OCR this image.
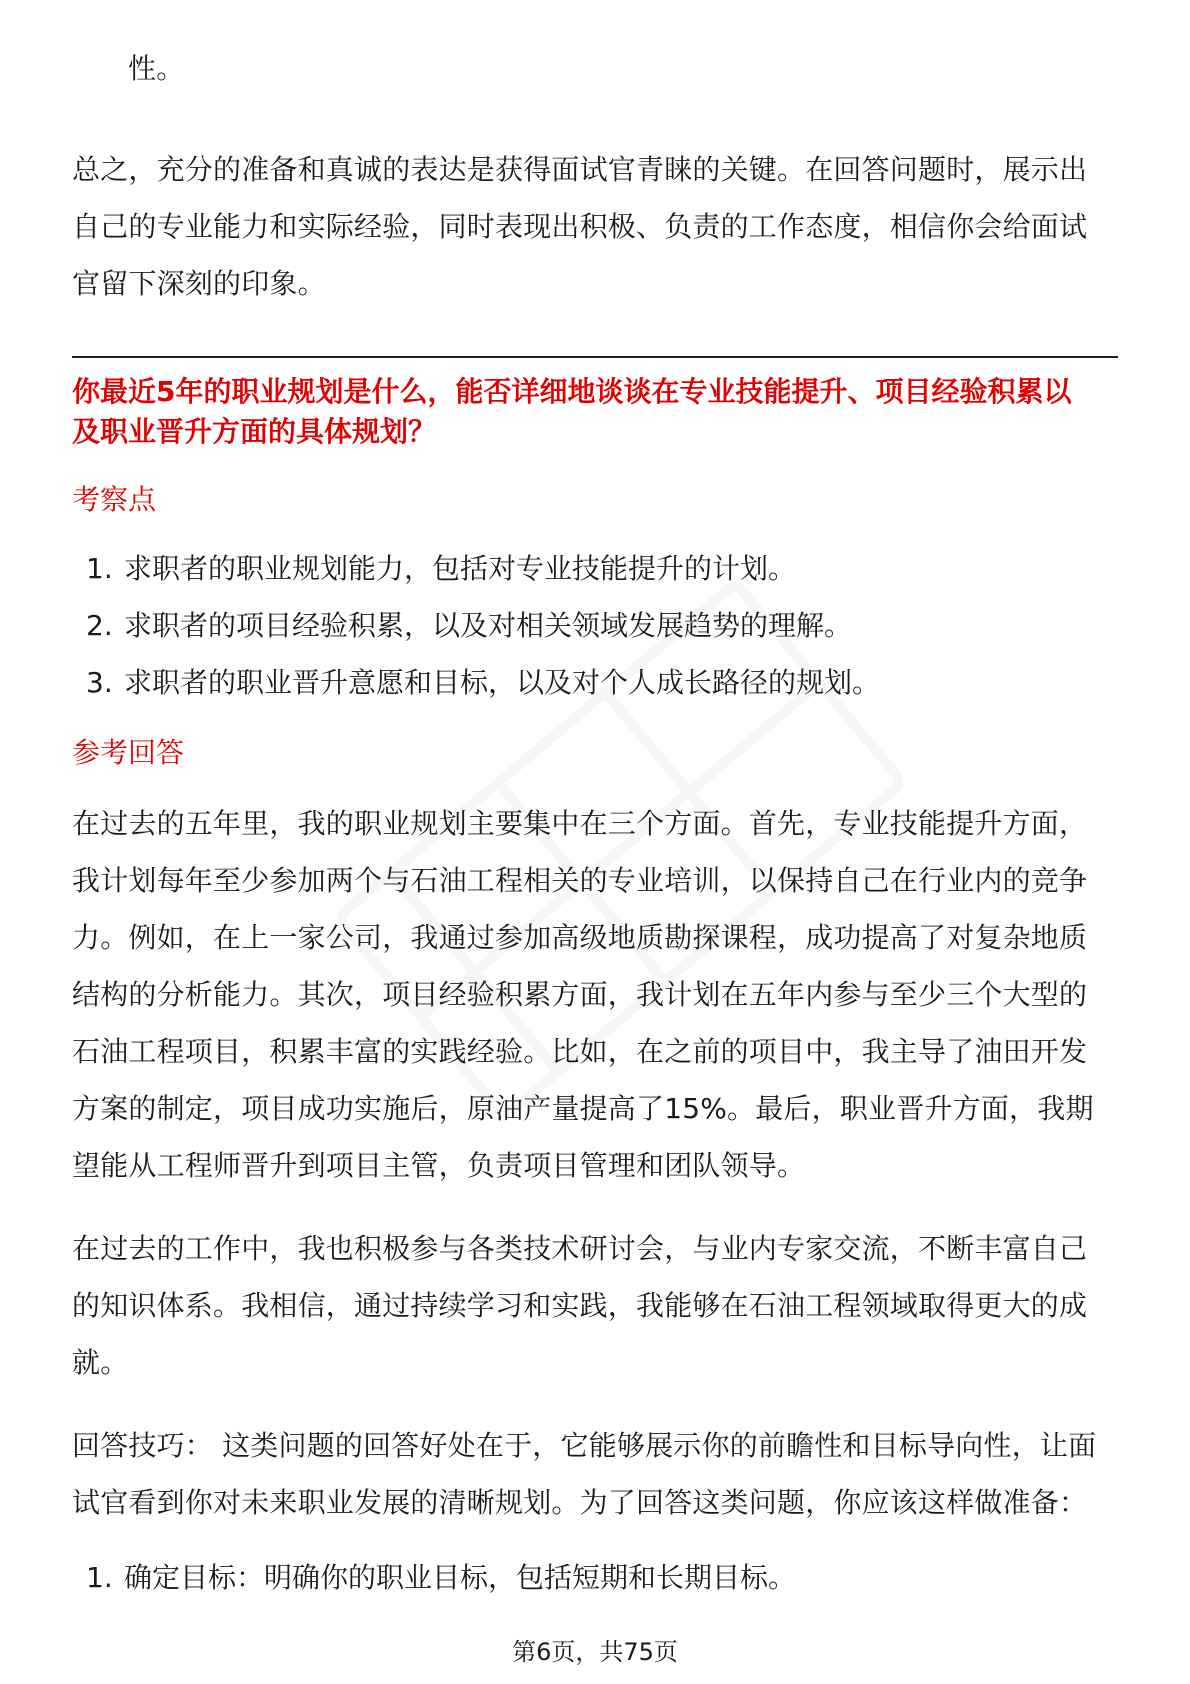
性。

总之，充分的准备和真诚的表达是获得面试官青睐的关键。在回答问题时，展示出

自己的专业能力和实际经验，同时表现出积极、负责的工作态度，相信你会给面试

官留下深刻的印象。

你最近5年的职业规划是什么，能否详细地谈谈在专业技能提升、项目经验积累以
及职业晋升方面的具体规划？
考察点
1. 求职者的职业规划能力，包括对专业技能提升的计划。
2. 求职者的项目经验积累，以及对相关领域发展趋势的理解。
3. 求职者的职业晋升意愿和目标，以及对个人成长路径的规划。
参考回答

在过去的五年里，我的职业规划主要集中在三个方面。首先，专业技能提升方面，

我计划每年至少参加两个与石油工程相关的专业培训，以保持自己在行业内的竞争

力。例如，在上一家公司，我通过参加高级地质勘探课程，成功提高了对复杂地质

结构的分析能力。其次，项目经验积累方面，我计划在五年内参与至少三个大型的

石油工程项目，积累丰富的实践经验。比如，在之前的项目中，我主导了油田开发

方案的制定，项目成功实施后，原油产量提高了15%。最后，职业晋升方面，我期

望能从工程师晋升到项目主管，负责项目管理和团队领导。

在过去的工作中，我也积极参与各类技术研讨会，与业内专家交流，不断丰富自己

的知识体系。我相信，通过持续学习和实践，我能够在石油工程领域取得更大的成

就。

回答技巧： 这类问题的回答好处在于，它能够展示你的前瞻性和目标导向性，让面

试官看到你对未来职业发展的清晰规划。为了回答这类问题，你应该这样做准备：

1. 确定目标：明确你的职业目标，包括短期和长期目标。
第6页，共75页
